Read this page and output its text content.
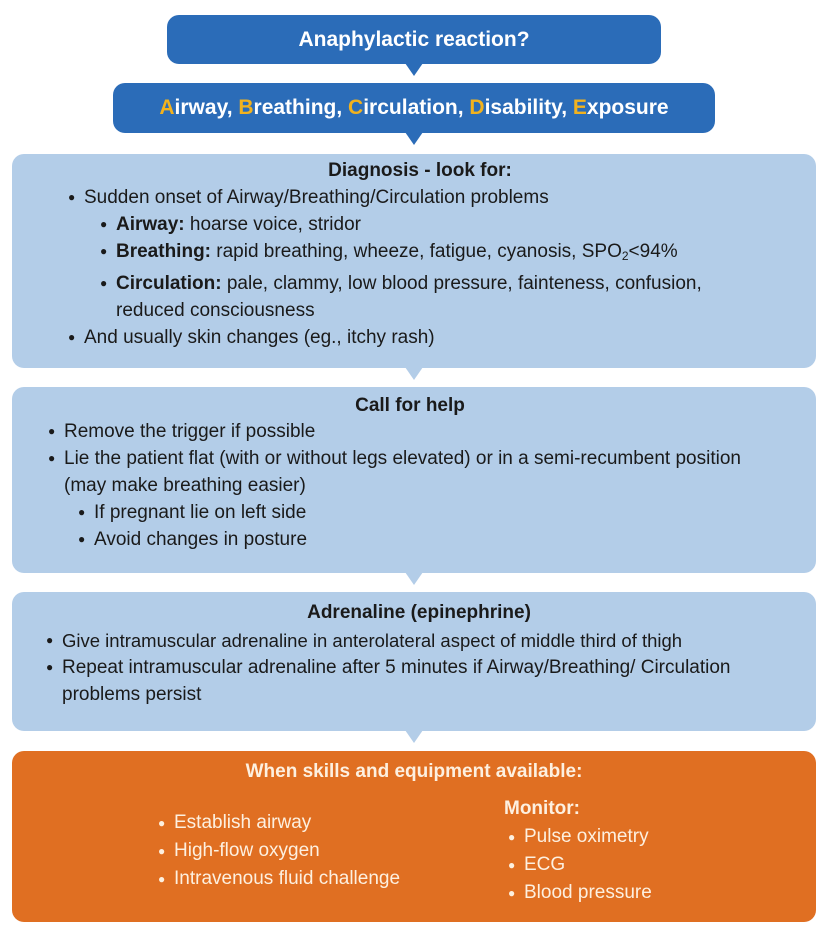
Anaphylactic reaction?
Airway, Breathing, Circulation, Disability, Exposure
Diagnosis - look for:
● Sudden onset of Airway/Breathing/Circulation problems
● Airway: hoarse voice, stridor
● Breathing: rapid breathing, wheeze, fatigue, cyanosis, $SPO_2<94\%$
● Circulation: pale, clammy, low blood pressure, fainteness, confusion, reduced consciousness
● And usually skin changes (eg., itchy rash)
Call for help
● Remove the trigger if possible
● Lie the patient flat (with or without legs elevated) or in a semi-recumbent position (may make breathing easier)
● If pregnant lie on left side
● Avoid changes in posture
Adrenaline (epinephrine)
● Give intramuscular adrenaline in anterolateral aspect of middle third of thigh
● Repeat intramuscular adrenaline after 5 minutes if Airway/Breathing/ Circulation problems persist
When skills and equipment available:
● Establish airway
● High-flow oxygen
● Intravenous fluid challenge
Monitor:
● Pulse oximetry
● ECG
● Blood pressure
